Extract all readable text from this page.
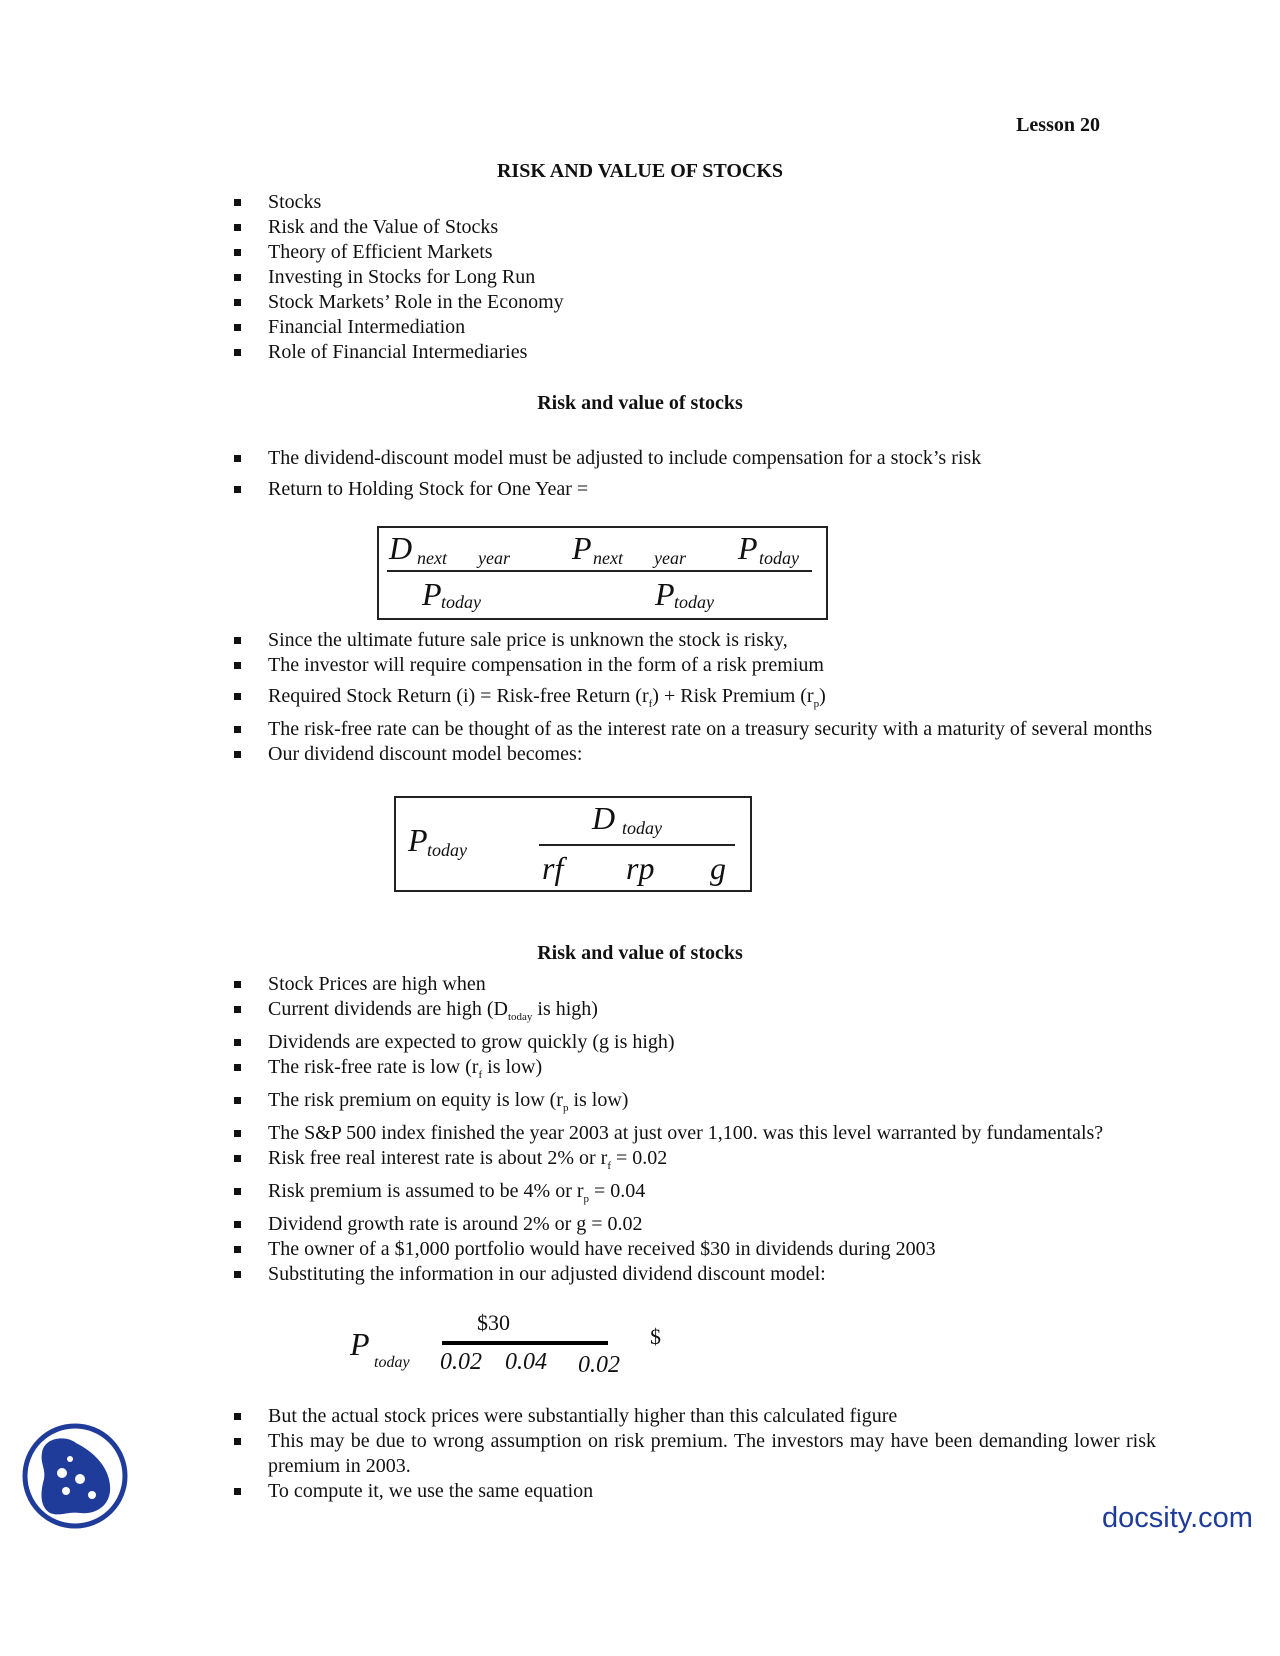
Lesson 20
RISK AND VALUE OF STOCKS
Stocks
Risk and the Value of Stocks
Theory of Efficient Markets
Investing in Stocks for Long Run
Stock Markets’ Role in the Economy
Financial Intermediation
Role of Financial Intermediaries
Risk and value of stocks
The dividend-discount model must be adjusted to include compensation for a stock’s risk
Return to Holding Stock for One Year =
D next year P next year P today
P today	P today
Since the ultimate future sale price is unknown the stock is risky,
The investor will require compensation in the form of a risk premium
Required Stock Return (i) = Risk-free Return $(r_f)$ + Risk Premium $(r_p)$
The risk-free rate can be thought of as the interest rate on a treasury security with a maturity of several months
Our dividend discount model becomes:
P today
D today
rf rp g
Risk and value of stocks
Stock Prices are high when
Current dividends are high ($D_{today}$ is high)
Dividends are expected to grow quickly (g is high)
The risk-free rate is low ($r_f$ is low)
The risk premium on equity is low ($r_p$ is low)
The S&P 500 index finished the year 2003 at just over 1,100. was this level warranted by fundamentals?
Risk free real interest rate is about 2% or $r_f = 0.02$
Risk premium is assumed to be 4% or $r_p = 0.04$
Dividend growth rate is around 2% or g = 0.02
The owner of a $1,000 portfolio would have received $30 in dividends during 2003
Substituting the information in our adjusted dividend discount model:
P
today
$30
0.02 0.04 0.02
$
But the actual stock prices were substantially higher than this calculated figure
This may be due to wrong assumption on risk premium. The investors may have been demanding lower risk premium in 2003.
To compute it, we use the same equation
docsity.com
